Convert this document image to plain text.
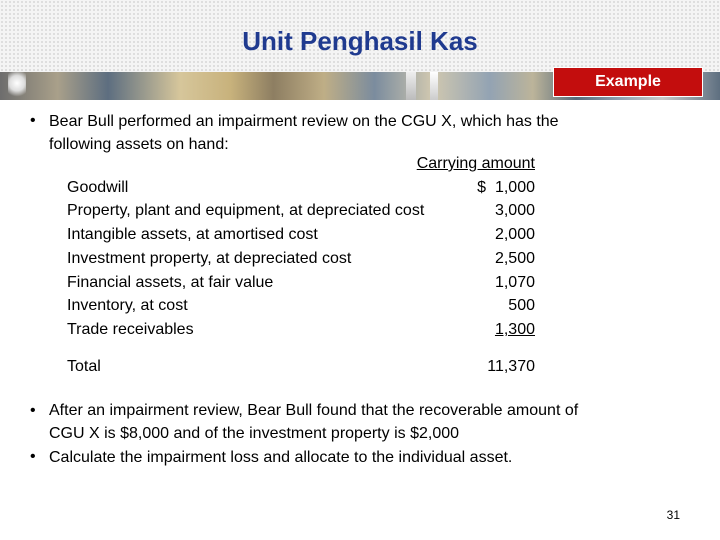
Unit Penghasil Kas
Example
• Bear Bull performed an impairment review on the CGU X, which has the
following assets on hand:
Carrying amount
Goodwill	$  1,000
Property, plant and equipment, at depreciated cost	3,000
Intangible assets, at amortised cost	2,000
Investment property, at depreciated cost	2,500
Financial assets, at fair value	1,070
Inventory, at cost	500
Trade receivables	1,300
Total	11,370
• After an impairment review, Bear Bull found that the recoverable amount of
CGU X is $8,000 and of the investment property is $2,000
• Calculate the impairment loss and allocate to the individual asset.
31
